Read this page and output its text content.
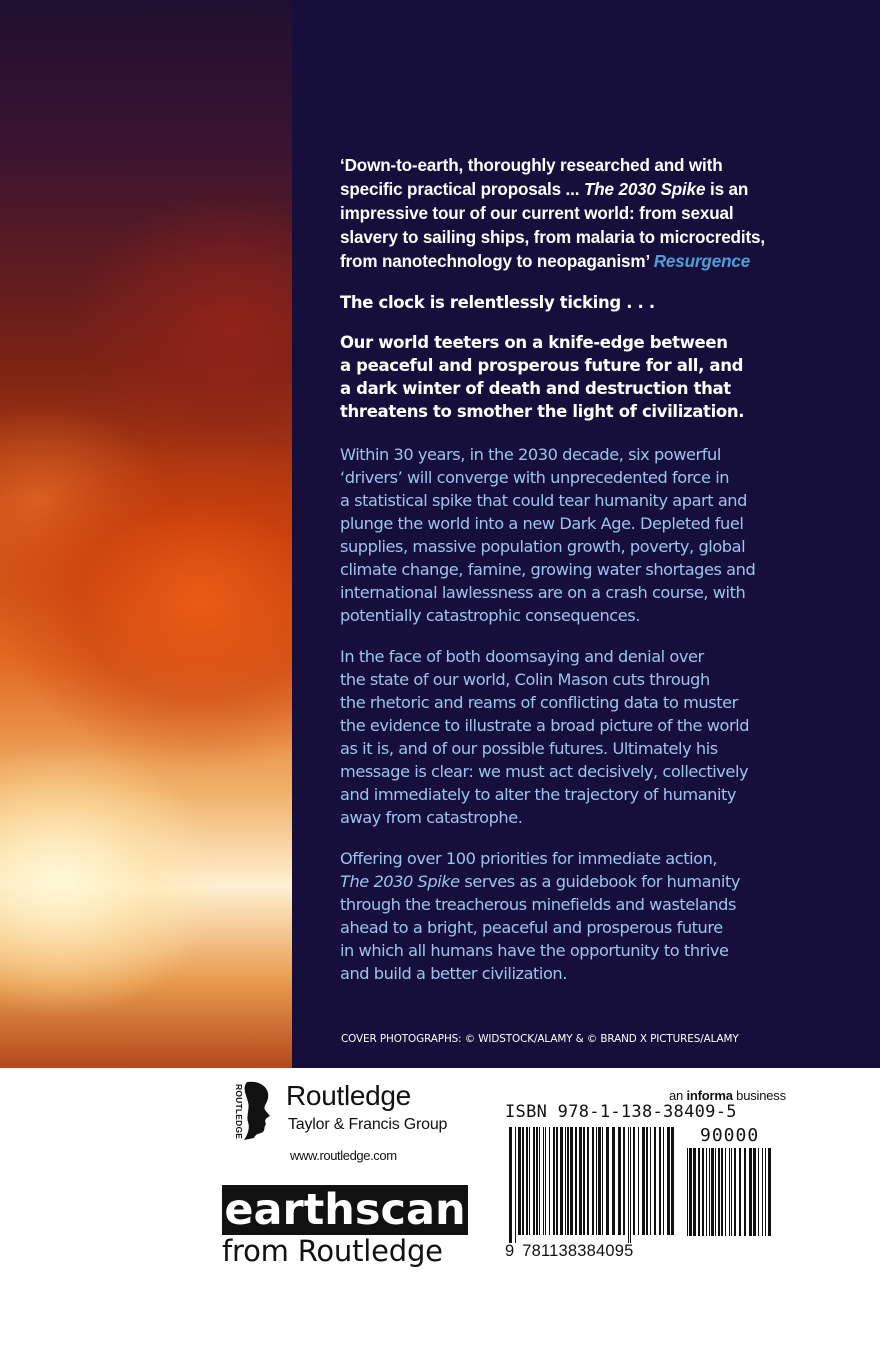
‘Down-to-earth, thoroughly researched and with
specific practical proposals ... The 2030 Spike is an
impressive tour of our current world: from sexual
slavery to sailing ships, from malaria to microcredits,
from nanotechnology to neopaganism’ Resurgence

The clock is relentlessly ticking . . .

Our world teeters on a knife-edge between
a peaceful and prosperous future for all, and
a dark winter of death and destruction that
threatens to smother the light of civilization.

Within 30 years, in the 2030 decade, six powerful
‘drivers’ will converge with unprecedented force in
a statistical spike that could tear humanity apart and
plunge the world into a new Dark Age. Depleted fuel
supplies, massive population growth, poverty, global
climate change, famine, growing water shortages and
international lawlessness are on a crash course, with
potentially catastrophic consequences.

In the face of both doomsaying and denial over
the state of our world, Colin Mason cuts through
the rhetoric and reams of conflicting data to muster
the evidence to illustrate a broad picture of the world
as it is, and of our possible futures. Ultimately his
message is clear: we must act decisively, collectively
and immediately to alter the trajectory of humanity
away from catastrophe.

Offering over 100 priorities for immediate action,
The 2030 Spike serves as a guidebook for humanity
through the treacherous minefields and wastelands
ahead to a bright, peaceful and prosperous future
in which all humans have the opportunity to thrive
and build a better civilization.

COVER PHOTOGRAPHS: © WIDSTOCK/ALAMY & © BRAND X PICTURES/ALAMY
ROUTLEDGE Routledge
Taylor & Francis Group
www.routledge.com
earthscan
from Routledge
an informa business
ISBN 978-1-138-38409-5
90000
9 781138384095
